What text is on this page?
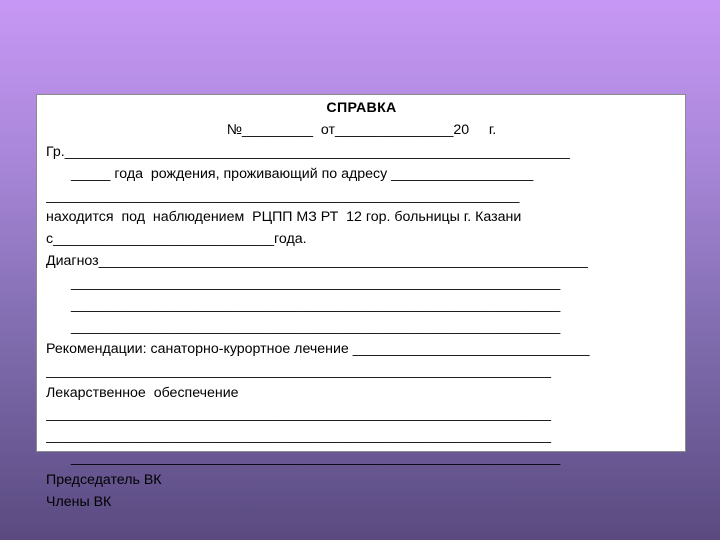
СПРАВКА
№_________  от_______________20     г.
Гр.________________________________________________________________
_____ года  рождения, проживающий по адресу __________________
____________________________________________________________
находится  под  наблюдением  РЦПП МЗ РТ  12 гор. больницы г. Казани
с____________________________года.
Диагноз______________________________________________________________
______________________________________________________________
______________________________________________________________
______________________________________________________________
Рекомендации: санаторно-курортное лечение ______________________________
________________________________________________________________
Лекарственное  обеспечение
________________________________________________________________
________________________________________________________________
______________________________________________________________
Председатель ВК
Члены ВК
